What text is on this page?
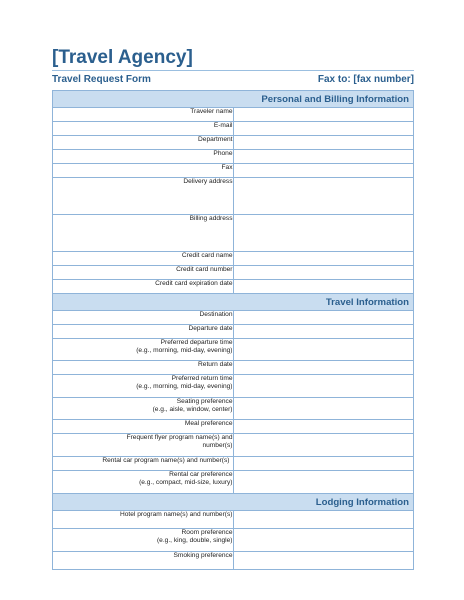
[Travel Agency]
Travel Request Form	Fax to: [fax number]
Personal and Billing Information	
Traveler name	
E-mail	
Department	
Phone	
Fax	
Delivery address	
Billing address	
Credit card name	
Credit card number	
Credit card expiration date	
Travel Information	
Destination	
Departure date	
Preferred departure time
(e.g., morning, mid-day, evening)	
Return date	
Preferred return time
(e.g., morning, mid-day, evening)	
Seating preference
(e.g., aisle, window, center)	
Meal preference	
Frequent flyer program name(s) and
number(s)	
Rental car program name(s) and number(s)	
Rental car preference
(e.g., compact, mid-size, luxury)	
Lodging Information	
Hotel program name(s) and number(s)	
Room preference
(e.g., king, double, single)	
Smoking preference	
